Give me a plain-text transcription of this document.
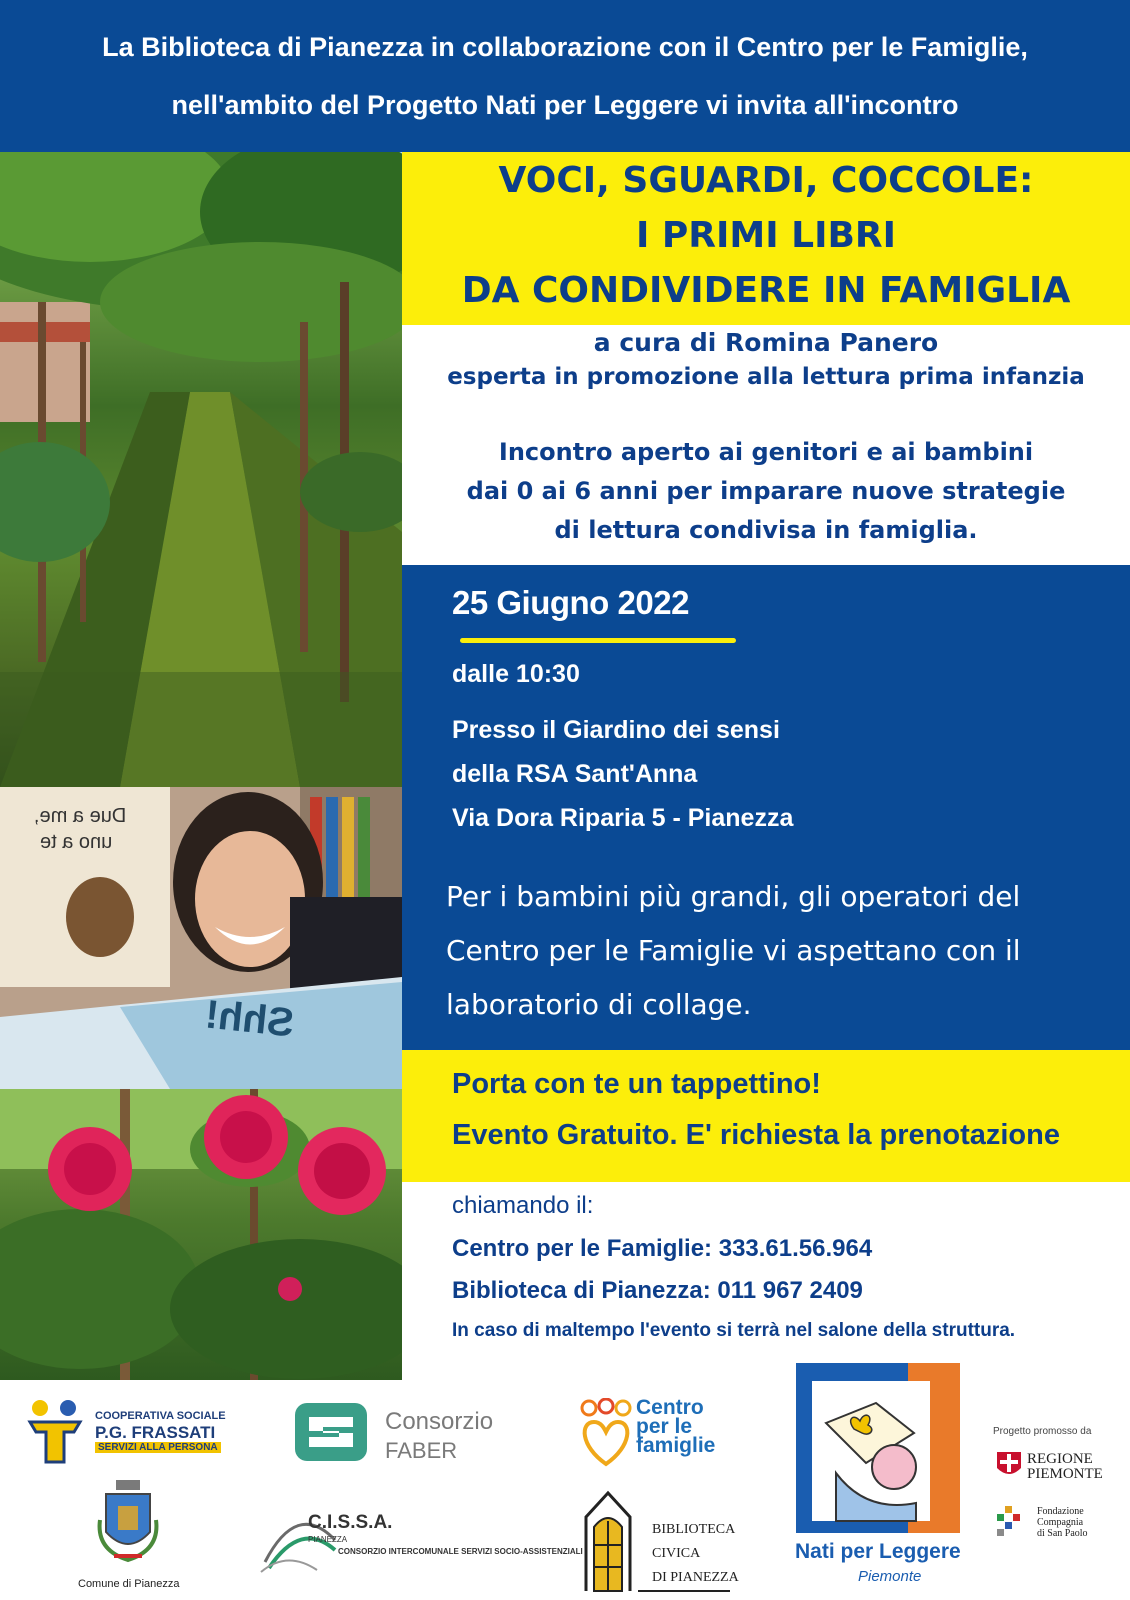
La Biblioteca di Pianezza in collaborazione con il Centro per le Famiglie,
nell'ambito del Progetto Nati per Leggere vi invita all'incontro
Due a me,
uno a te
Shh!
VOCI, SGUARDI, COCCOLE:
I PRIMI LIBRI
DA CONDIVIDERE IN FAMIGLIA
a cura di Romina Panero
esperta in promozione alla lettura prima infanzia
Incontro aperto ai genitori e ai bambini
dai 0 ai 6 anni per imparare nuove strategie
di lettura condivisa in famiglia.
25 Giugno 2022
dalle 10:30
Presso il Giardino dei sensi
della RSA Sant'Anna
Via Dora Riparia 5 - Pianezza
Per i bambini più grandi, gli operatori del
Centro per le Famiglie vi aspettano con il
laboratorio di collage.
Porta con te un tappettino!
Evento Gratuito. E' richiesta la prenotazione
chiamando il:
Centro per le Famiglie: 333.61.56.964
Biblioteca di Pianezza: 011 967 2409
In caso di maltempo l'evento si terrà nel salone della struttura.
COOPERATIVA SOCIALE
P.G. FRASSATI
SERVIZI ALLA PERSONA
Consorzio
FABER
Centro
per le
famiglie
Nati per Leggere
Piemonte
Progetto promosso da
REGIONE
PIEMONTE
Fondazione
Compagnia
di San Paolo
Comune di Pianezza
C.I.S.S.A.
PIANEZZA
CONSORZIO INTERCOMUNALE SERVIZI SOCIO-ASSISTENZIALI
BIBLIOTECA
CIVICA
DI PIANEZZA
